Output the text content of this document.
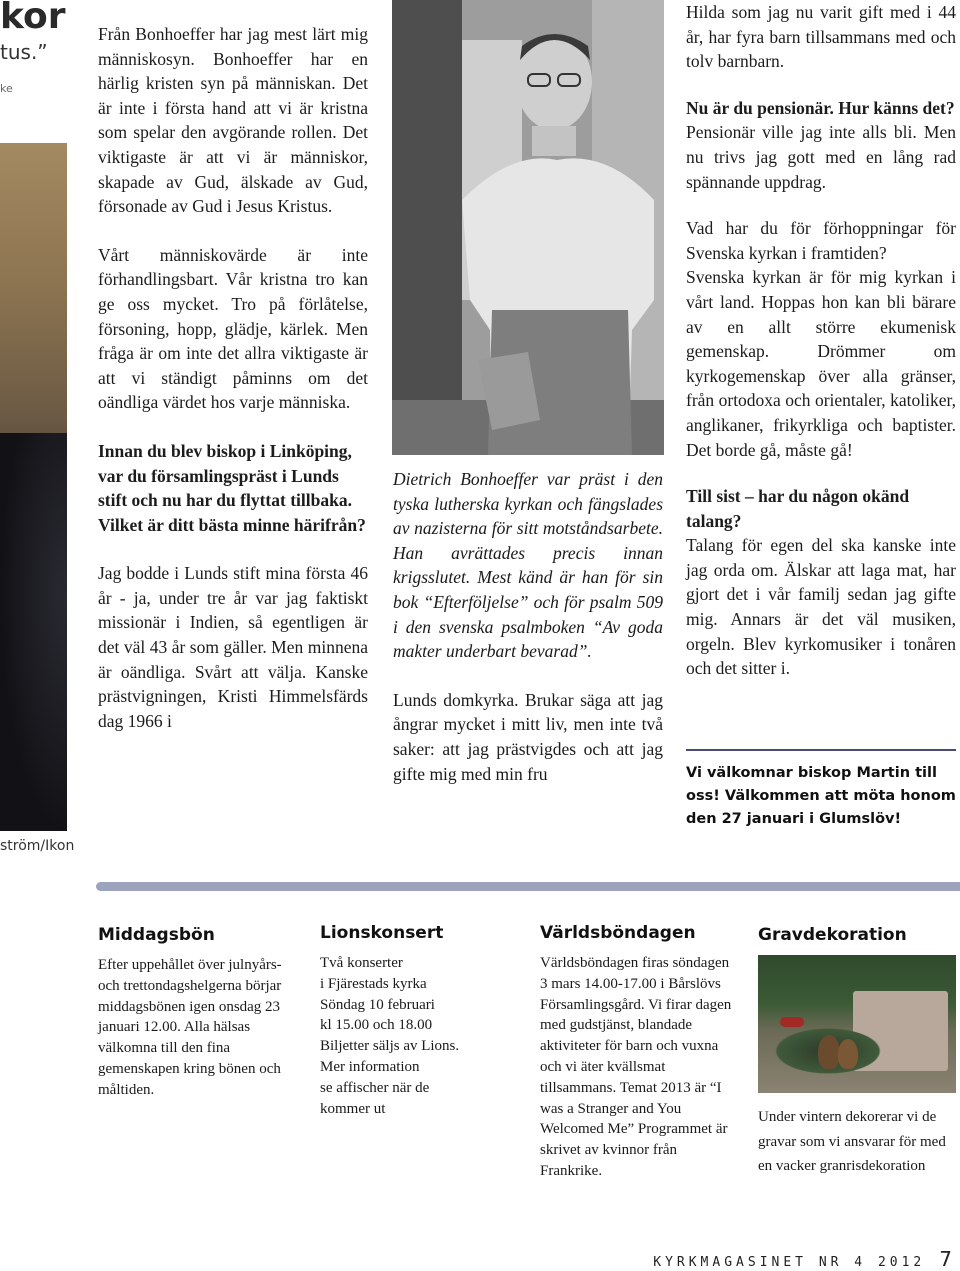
kor
tus.”
ke
ström/Ikon

Från Bonhoeffer har jag mest lärt mig människosyn. Bonhoeffer har en härlig kristen syn på människan. Det är inte i första hand att vi är kristna som spelar den avgörande rollen. Det viktigaste är att vi är människor, skapade av Gud, älskade av Gud, försonade av Gud i Jesus Kristus.

Vårt människovärde är inte förhandlingsbart. Vår kristna tro kan ge oss mycket. Tro på förlåtelse, försoning, hopp, glädje, kärlek. Men fråga är om inte det allra viktigaste är att vi ständigt påminns om det oändliga värdet hos varje människa.

Innan du blev biskop i Linköping, var du församlingspräst i Lunds stift och nu har du flyttat tillbaka. Vilket är ditt bästa minne härifrån?

Jag bodde i Lunds stift mina första 46 år - ja, under tre år var jag faktiskt missionär i Indien, så egentligen är det väl 43 år som gäller. Men minnena är oändliga. Svårt att välja. Kanske prästvigningen, Kristi Himmelsfärds dag 1966 i

Dietrich Bonhoeffer var präst i den tyska lutherska kyrkan och fängslades av nazisterna för sitt motståndsarbete. Han avrättades precis innan krigsslutet. Mest känd är han för sin bok “Efterföljelse” och för psalm 509 i den svenska psalmboken “Av goda makter underbart bevarad”.

Lunds domkyrka. Brukar säga att jag ångrar mycket i mitt liv, men inte två saker: att jag prästvigdes och att jag gifte mig med min fru

Hilda som jag nu varit gift med i 44 år, har fyra barn tillsammans med och tolv barnbarn.

Nu är du pensionär. Hur känns det?

Pensionär ville jag inte alls bli. Men nu trivs jag gott med en lång rad spännande uppdrag.

Vad har du för förhoppningar för Svenska kyrkan i framtiden?

Svenska kyrkan är för mig kyrkan i vårt land. Hoppas hon kan bli bärare av en allt större ekumenisk gemenskap. Drömmer om kyrkogemenskap över alla gränser, från ortodoxa och orientaler, katoliker, anglikaner, frikyrkliga och baptister. Det borde gå, måste gå!

Till sist – har du någon okänd talang?

Talang för egen del ska kanske inte jag orda om. Älskar att laga mat, har gjort det i vår familj sedan jag gifte mig. Annars är det väl musiken, orgeln. Blev kyrkomusiker i tonåren och det sitter i.

Vi välkomnar biskop Martin till oss! Välkommen att möta honom den 27 januari i Glumslöv!
Middagsbön
Efter uppehållet över julnyårs- och trettondagshelgerna börjar middagsbönen igen onsdag 23 januari 12.00. Alla hälsas välkomna till den fina gemenskapen kring bönen och måltiden.
Lionskonsert
Två konserter
i Fjärestads kyrka
Söndag 10 februari
kl 15.00 och 18.00
Biljetter säljs av Lions.
Mer information
se affischer när de
kommer ut
Världsböndagen
Världsböndagen firas söndagen 3 mars 14.00-17.00 i Bårslövs Församlingsgård. Vi firar dagen med gudstjänst, blandade aktiviteter för barn och vuxna och vi äter kvällsmat tillsammans. Temat 2013 är “I was a Stranger and You Welcomed Me” Programmet är skrivet av kvinnor från Frankrike.
Gravdekoration
Under vintern dekorerar vi de gravar som vi ansvarar för med en vacker granrisdekoration
KYRKMAGASINET NR 4 2012 7
